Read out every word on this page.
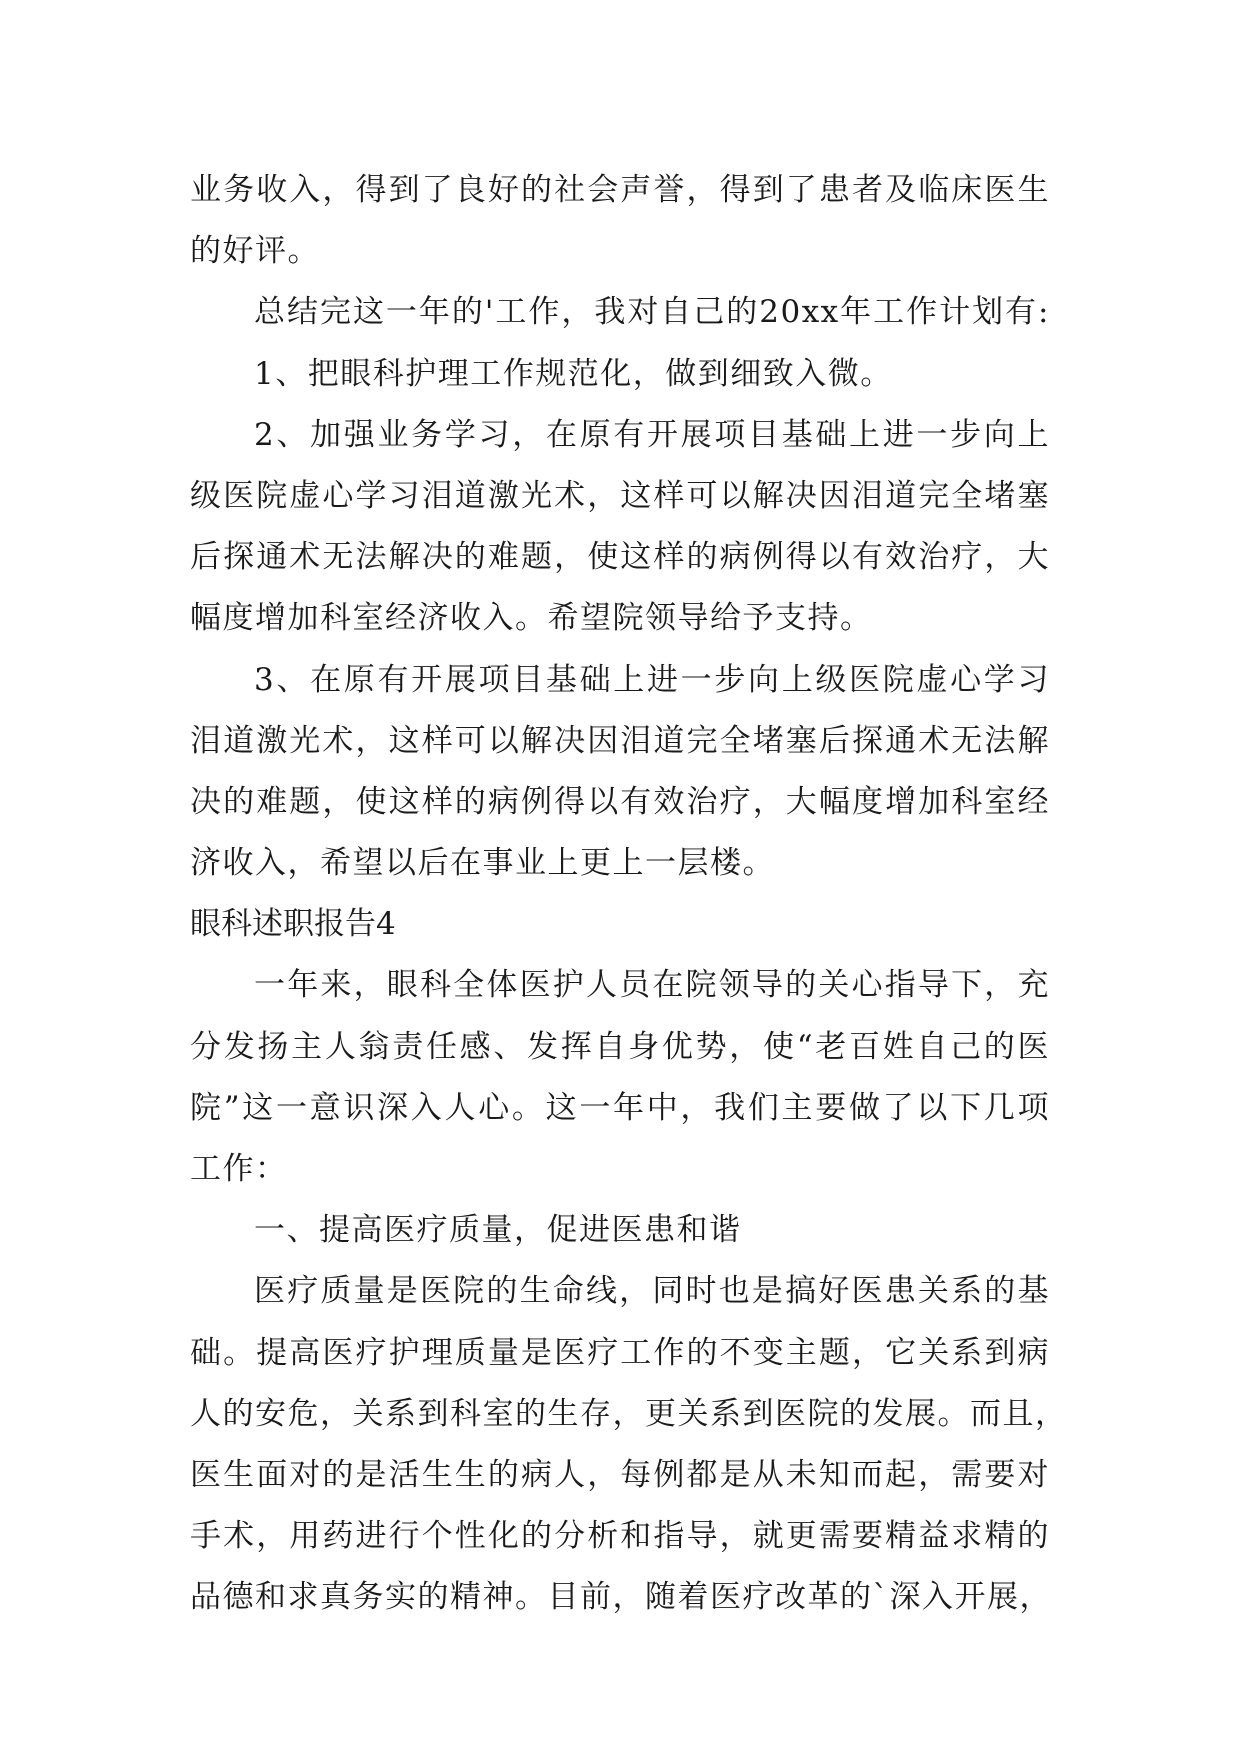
业务收入，得到了良好的社会声誉，得到了患者及临床医生
的好评。
总结完这一年的'工作，我对自己的20xx年工作计划有:
1、把眼科护理工作规范化，做到细致入微。
2、加强业务学习，在原有开展项目基础上进一步向上
级医院虚心学习泪道激光术，这样可以解决因泪道完全堵塞
后探通术无法解决的难题，使这样的病例得以有效治疗，大
幅度增加科室经济收入。希望院领导给予支持。
3、在原有开展项目基础上进一步向上级医院虚心学习
泪道激光术，这样可以解决因泪道完全堵塞后探通术无法解
决的难题，使这样的病例得以有效治疗，大幅度增加科室经
济收入，希望以后在事业上更上一层楼。
眼科述职报告4
一年来，眼科全体医护人员在院领导的关心指导下，充
分发扬主人翁责任感、发挥自身优势，使“老百姓自己的医
院”这一意识深入人心。这一年中，我们主要做了以下几项
工作：
一、提高医疗质量，促进医患和谐
医疗质量是医院的生命线，同时也是搞好医患关系的基
础。提高医疗护理质量是医疗工作的不变主题，它关系到病
人的安危，关系到科室的生存，更关系到医院的发展。而且，
医生面对的是活生生的病人，每例都是从未知而起，需要对
手术，用药进行个性化的分析和指导，就更需要精益求精的
品德和求真务实的精神。目前，随着医疗改革的`深入开展，
